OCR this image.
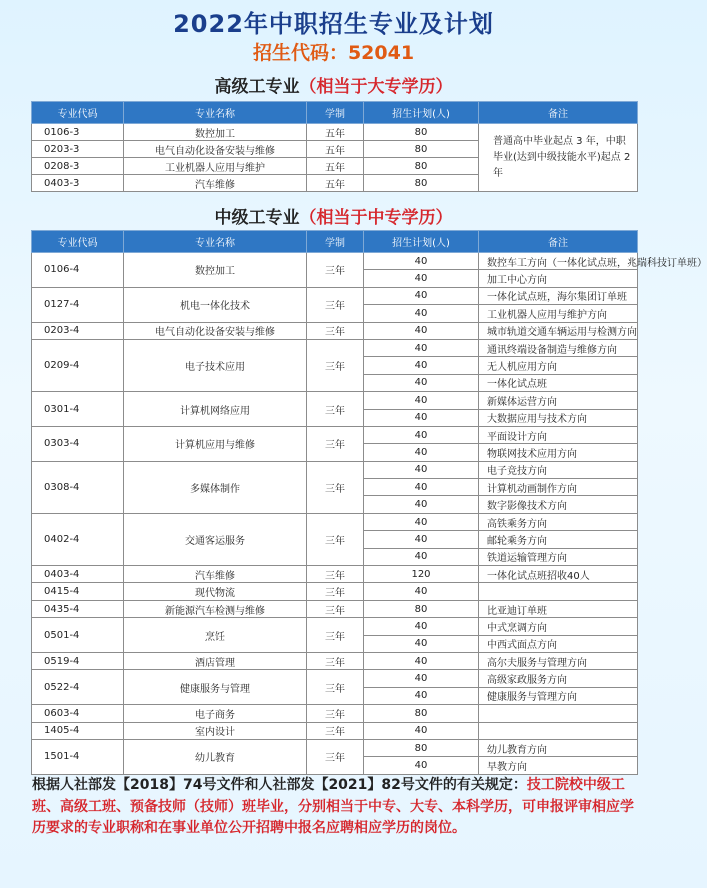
2022年中职招生专业及计划
招生代码：52041
高级工专业（相当于大专学历）
专业代码	专业名称	学制	招生计划(人)	备注
0106-3	数控加工	五年	80	普通高中毕业起点 3 年，中职毕业(达到中级技能水平)起点 2年
0203-3	电气自动化设备安装与维修	五年	80	
0208-3	工业机器人应用与维护	五年	80	
0403-3	汽车维修	五年	80	
中级工专业（相当于中专学历）
专业代码	专业名称	学制	招生计划(人)	备注
0106-4	数控加工	三年	40	数控车工方向（一体化试点班，兆瑞科技订单班）
			40	加工中心方向
0127-4	机电一体化技术	三年	40	一体化试点班，海尔集团订单班
			40	工业机器人应用与维护方向
0203-4	电气自动化设备安装与维修	三年	40	城市轨道交通车辆运用与检测方向
0209-4	电子技术应用	三年	40	通讯终端设备制造与维修方向
			40	无人机应用方向
			40	一体化试点班
0301-4	计算机网络应用	三年	40	新媒体运营方向
			40	大数据应用与技术方向
0303-4	计算机应用与维修	三年	40	平面设计方向
			40	物联网技术应用方向
0308-4	多媒体制作	三年	40	电子竞技方向
			40	计算机动画制作方向
			40	数字影像技术方向
0402-4	交通客运服务	三年	40	高铁乘务方向
			40	邮轮乘务方向
			40	铁道运输管理方向
0403-4	汽车维修	三年	120	一体化试点班招收40人
0415-4	现代物流	三年	40	
0435-4	新能源汽车检测与维修	三年	80	比亚迪订单班
0501-4	烹饪	三年	40	中式烹调方向
			40	中西式面点方向
0519-4	酒店管理	三年	40	高尔夫服务与管理方向
0522-4	健康服务与管理	三年	40	高级家政服务方向
			40	健康服务与管理方向
0603-4	电子商务	三年	80	
1405-4	室内设计	三年	40	
1501-4	幼儿教育	三年	80	幼儿教育方向
			40	早教方向
根据人社部发【2018】74号文件和人社部发【2021】82号文件的有关规定：技工院校中级工班、高级工班、预备技师（技师）班毕业，分别相当于中专、大专、本科学历，可申报评审相应学历要求的专业职称和在事业单位公开招聘中报名应聘相应学历的岗位。
